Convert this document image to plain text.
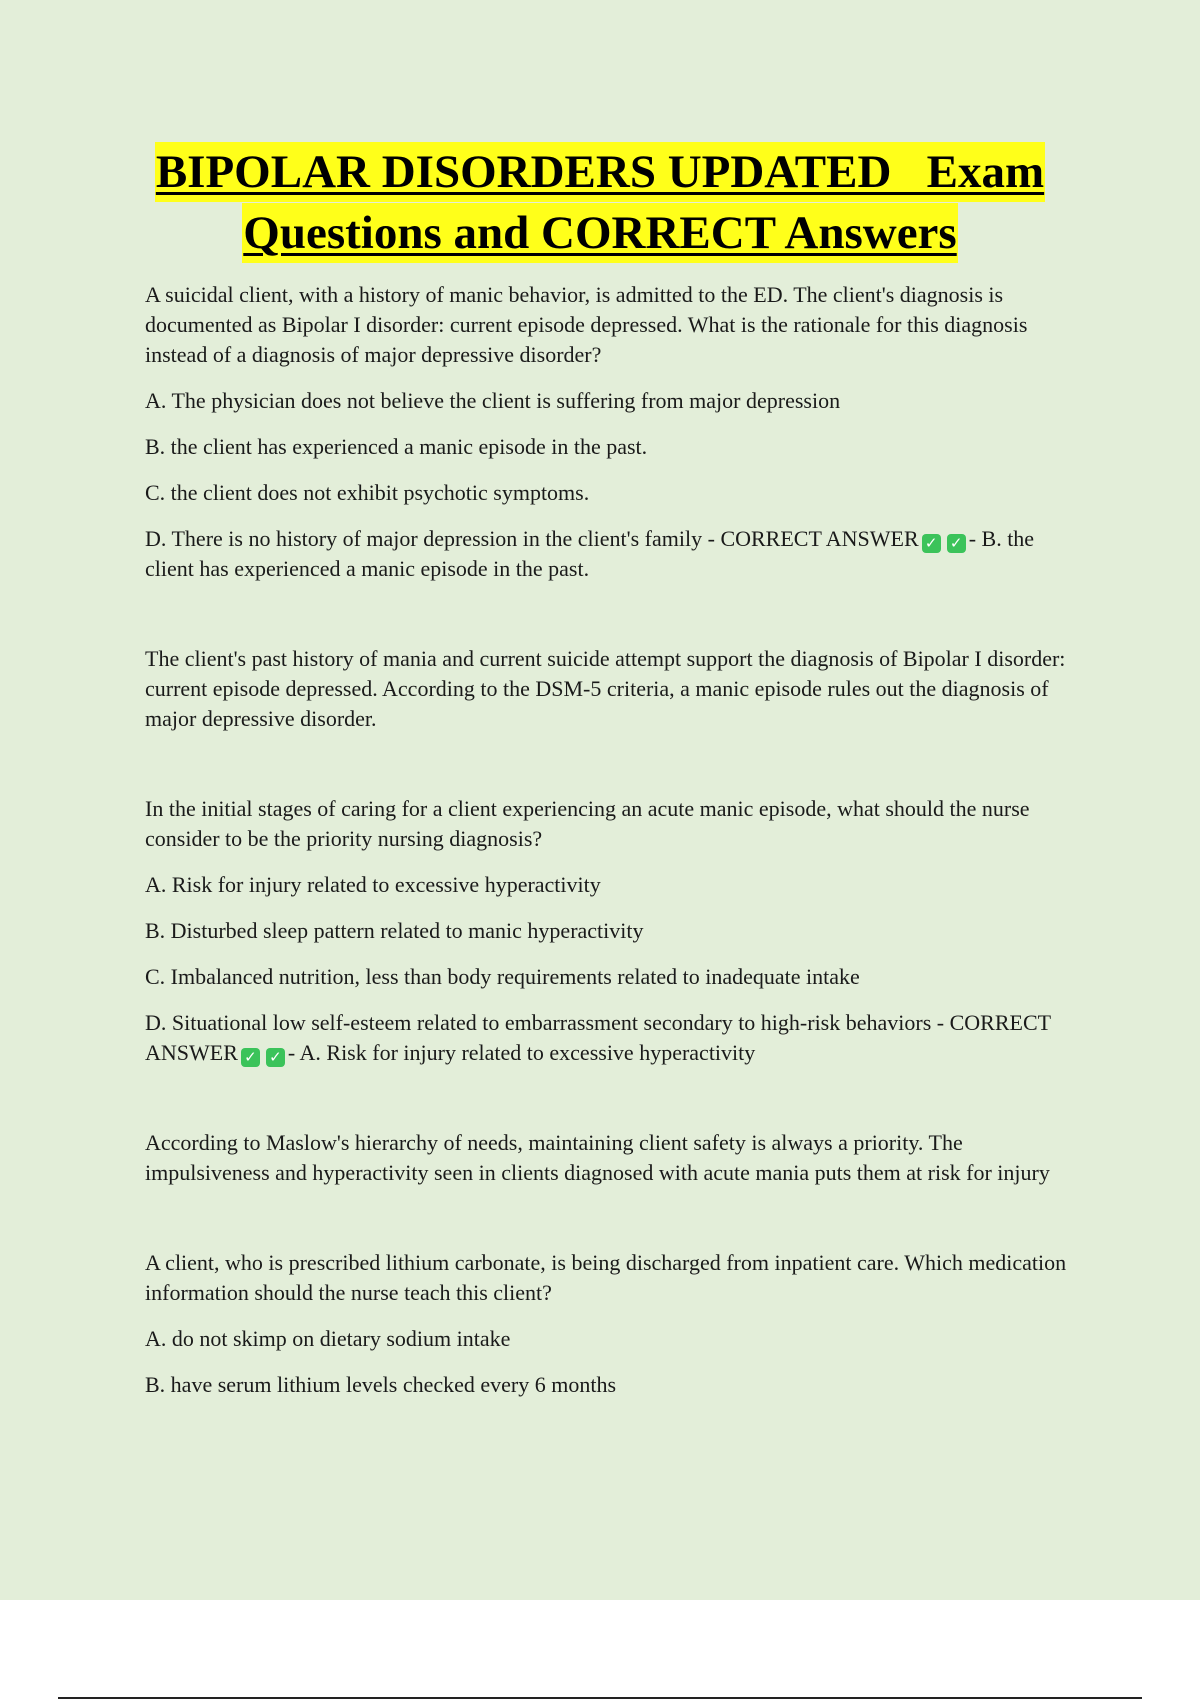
BIPOLAR DISORDERS UPDATED   Exam
Questions and CORRECT Answers

A suicidal client, with a history of manic behavior, is admitted to the ED. The client's diagnosis is documented as Bipolar I disorder: current episode depressed. What is the rationale for this diagnosis instead of a diagnosis of major depressive disorder?

A. The physician does not believe the client is suffering from major depression

B. the client has experienced a manic episode in the past.

C. the client does not exhibit psychotic symptoms.

D. There is no history of major depression in the client's family - CORRECT ANSWER ✓ ✓ - B. the client has experienced a manic episode in the past.

The client's past history of mania and current suicide attempt support the diagnosis of Bipolar I disorder: current episode depressed. According to the DSM-5 criteria, a manic episode rules out the diagnosis of major depressive disorder.

In the initial stages of caring for a client experiencing an acute manic episode, what should the nurse consider to be the priority nursing diagnosis?

A. Risk for injury related to excessive hyperactivity

B. Disturbed sleep pattern related to manic hyperactivity

C. Imbalanced nutrition, less than body requirements related to inadequate intake

D. Situational low self-esteem related to embarrassment secondary to high-risk behaviors - CORRECT ANSWER ✓ ✓ - A. Risk for injury related to excessive hyperactivity

According to Maslow's hierarchy of needs, maintaining client safety is always a priority. The impulsiveness and hyperactivity seen in clients diagnosed with acute mania puts them at risk for injury

A client, who is prescribed lithium carbonate, is being discharged from inpatient care. Which medication information should the nurse teach this client?

A. do not skimp on dietary sodium intake

B. have serum lithium levels checked every 6 months
